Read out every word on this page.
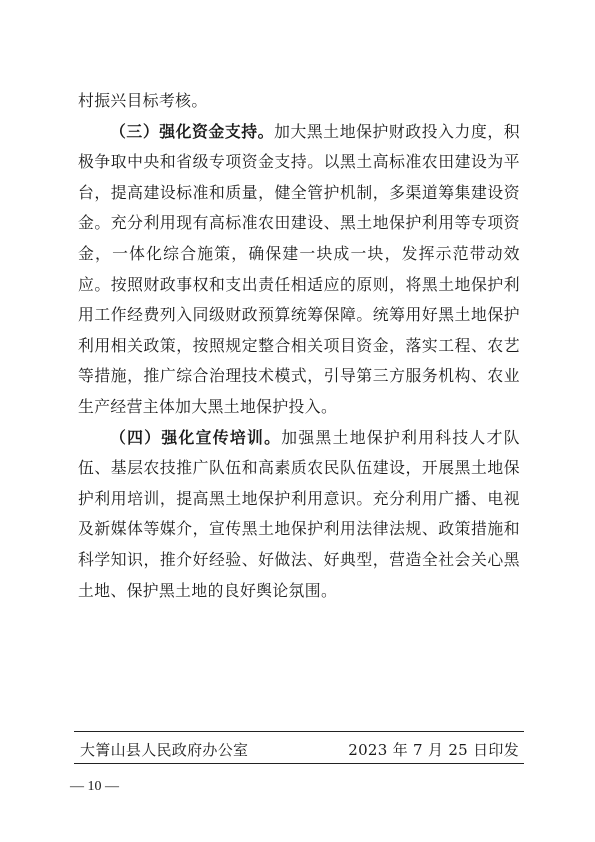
村振兴目标考核。

（三）强化资金支持。加大黑土地保护财政投入力度，积极争取中央和省级专项资金支持。以黑土高标准农田建设为平台，提高建设标准和质量，健全管护机制，多渠道筹集建设资金。充分利用现有高标准农田建设、黑土地保护利用等专项资金，一体化综合施策，确保建一块成一块，发挥示范带动效应。按照财政事权和支出责任相适应的原则，将黑土地保护利用工作经费列入同级财政预算统筹保障。统筹用好黑土地保护利用相关政策，按照规定整合相关项目资金，落实工程、农艺等措施，推广综合治理技术模式，引导第三方服务机构、农业生产经营主体加大黑土地保护投入。

（四）强化宣传培训。加强黑土地保护利用科技人才队伍、基层农技推广队伍和高素质农民队伍建设，开展黑土地保护利用培训，提高黑土地保护利用意识。充分利用广播、电视及新媒体等媒介，宣传黑土地保护利用法律法规、政策措施和科学知识，推介好经验、好做法、好典型，营造全社会关心黑土地、保护黑土地的良好舆论氛围。

大箐山县人民政府办公室	2023 年 7 月 25 日印发
— 10 —
